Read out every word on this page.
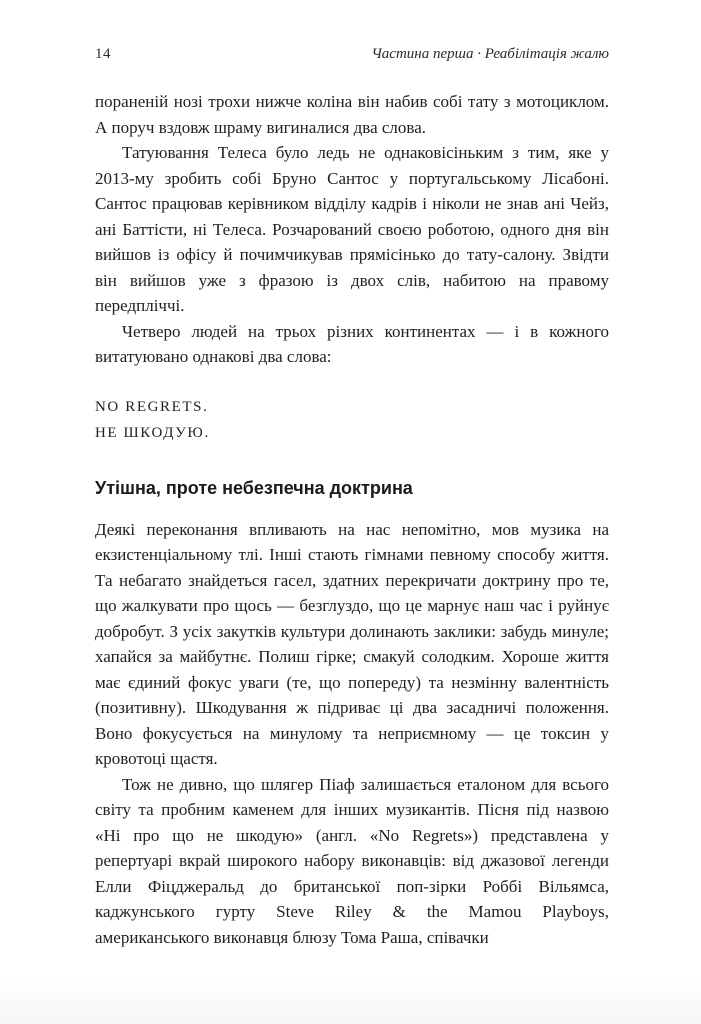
14	Частина перша · Реабілітація жалю

пораненій нозі трохи нижче коліна він набив собі тату з мотоциклом. А поруч вздовж шраму вигиналися два слова.

Татуювання Телеса було ледь не однаковісіньким з тим, яке у 2013-му зробить собі Бруно Сантос у португальському Лісабоні. Сантос працював керівником відділу кадрів і ніколи не знав ані Чейз, ані Баттісти, ні Телеса. Розчарований своєю роботою, одного дня він вийшов із офісу й почимчикував прямісінько до тату-салону. Звідти він вийшов уже з фразою із двох слів, набитою на правому передпліччі.

Четверо людей на трьох різних континентах — і в кожного витатуювано однакові два слова:

NO REGRETS.
НЕ ШКОДУЮ.
Утішна, проте небезпечна доктрина

Деякі переконання впливають на нас непомітно, мов музика на екзистенціальному тлі. Інші стають гімнами певному способу життя. Та небагато знайдеться гасел, здатних перекричати доктрину про те, що жалкувати про щось — безглуздо, що це марнує наш час і руйнує добробут. З усіх закутків культури долинають заклики: забудь минуле; хапайся за майбутнє. Полиш гірке; смакуй солодким. Хороше життя має єдиний фокус уваги (те, що попереду) та незмінну валентність (позитивну). Шкодування ж підриває ці два засадничі положення. Воно фокусується на минулому та неприємному — це токсин у кровотоці щастя.

Тож не дивно, що шлягер Піаф залишається еталоном для всього світу та пробним каменем для інших музикантів. Пісня під назвою «Ні про що не шкодую» (англ. «No Regrets») представлена у репертуарі вкрай широкого набору виконавців: від джазової легенди Елли Фіцджеральд до британської поп-зірки Роббі Вільямса, каджунського гурту Steve Riley & the Mamou Playboys, американського виконавця блюзу Тома Раша, співачки
